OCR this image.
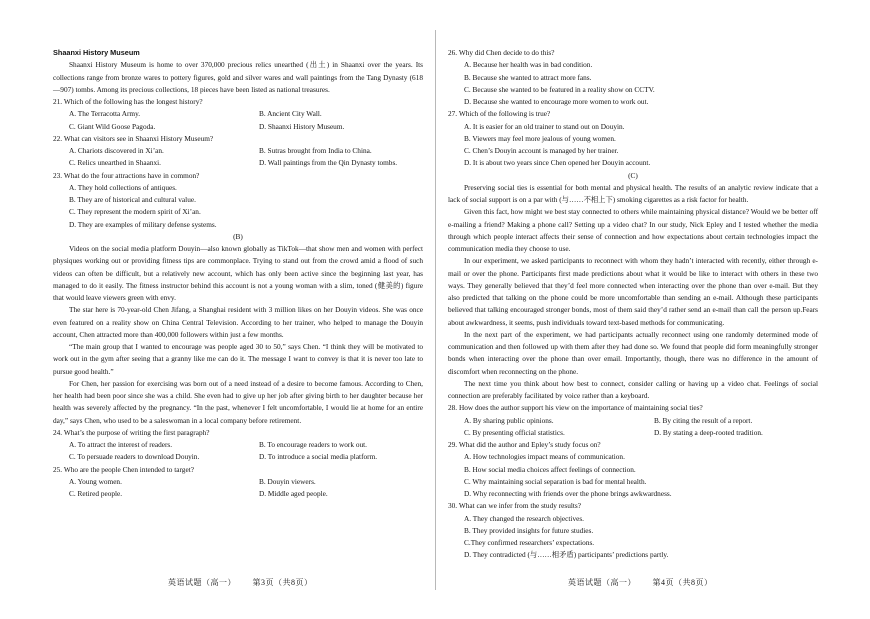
Shaanxi History Museum

Shaanxi History Museum is home to over 370,000 precious relics unearthed (出土) in Shaanxi over the years. Its collections range from bronze wares to pottery figures, gold and silver wares and wall paintings from the Tang Dynasty (618—907) tombs. Among its precious collections, 18 pieces have been listed as national treasures.

21. Which of the following has the longest history?

A. The Terracotta Army.	B. Ancient City Wall.
C. Giant Wild Goose Pagoda.	D. Shaanxi History Museum.

22. What can visitors see in Shaanxi History Museum?

A. Chariots discovered in Xi’an.	B. Sutras brought from India to China.
C. Relics unearthed in Shaanxi.	D. Wall paintings from the Qin Dynasty tombs.

23. What do the four attractions have in common?

A. They hold collections of antiques.

B. They are of historical and cultural value.

C. They represent the modern spirit of Xi’an.

D. They are examples of military defense systems.

(B)

Videos on the social media platform Douyin—also known globally as TikTok—that show men and women with perfect physiques working out or providing fitness tips are commonplace. Trying to stand out from the crowd amid a flood of such videos can often be difficult, but a relatively new account, which has only been active since the beginning last year, has managed to do it easily. The fitness instructor behind this account is not a young woman with a slim, toned (健美的) figure that would leave viewers green with envy.

The star here is 70-year-old Chen Jifang, a Shanghai resident with 3 million likes on her Douyin videos. She was once even featured on a reality show on China Central Television. According to her trainer, who helped to manage the Douyin account, Chen attracted more than 400,000 followers within just a few months.

“The main group that I wanted to encourage was people aged 30 to 50,” says Chen. “I think they will be motivated to work out in the gym after seeing that a granny like me can do it. The message I want to convey is that it is never too late to pursue good health.”

For Chen, her passion for exercising was born out of a need instead of a desire to become famous. According to Chen, her health had been poor since she was a child. She even had to give up her job after giving birth to her daughter because her health was severely affected by the pregnancy. “In the past, whenever I felt uncomfortable, I would lie at home for an entire day,” says Chen, who used to be a saleswoman in a local company before retirement.

24. What’s the purpose of writing the first paragraph?

A. To attract the interest of readers.	B. To encourage readers to work out.
C. To persuade readers to download Douyin.	D. To introduce a social media platform.

25. Who are the people Chen intended to target?

A. Young women.	B. Douyin viewers.
C. Retired people.	D. Middle aged people.

26. Why did Chen decide to do this?

A. Because her health was in bad condition.

B. Because she wanted to attract more fans.

C. Because she wanted to be featured in a reality show on CCTV.

D. Because she wanted to encourage more women to work out.

27. Which of the following is true?

A. It is easier for an old trainer to stand out on Douyin.

B. Viewers may feel more jealous of young women.

C. Chen’s Douyin account is managed by her trainer.

D. It is about two years since Chen opened her Douyin account.

(C)

Preserving social ties is essential for both mental and physical health. The results of an analytic review indicate that a lack of social support is on a par with (与……不相上下) smoking cigarettes as a risk factor for health.

Given this fact, how might we best stay connected to others while maintaining physical distance? Would we be better off e-mailing a friend? Making a phone call? Setting up a video chat? In our study, Nick Epley and I tested whether the media through which people interact affects their sense of connection and how expectations about certain technologies impact the communication media they choose to use.

In our experiment, we asked participants to reconnect with whom they hadn’t interacted with recently, either through e-mail or over the phone. Participants first made predictions about what it would be like to interact with others in these two ways. They generally believed that they’d feel more connected when interacting over the phone than over e-mail. But they also predicted that talking on the phone could be more uncomfortable than sending an e-mail. Although these participants believed that talking encouraged stronger bonds, most of them said they’d rather send an e-mail than call the person up.Fears about awkwardness, it seems, push individuals toward text-based methods for communicating.

In the next part of the experiment, we had participants actually reconnect using one randomly determined mode of communication and then followed up with them after they had done so. We found that people did form meaningfully stronger bonds when interacting over the phone than over email. Importantly, though, there was no difference in the amount of discomfort when reconnecting on the phone.

The next time you think about how best to connect, consider calling or having up a video chat. Feelings of social connection are preferably facilitated by voice rather than a keyboard.

28. How does the author support his view on the importance of maintaining social ties?

A. By sharing public opinions.	B. By citing the result of a report.
C. By presenting official statistics.	D. By stating a deep-rooted tradition.

29. What did the author and Epley’s study focus on?

A. How technologies impact means of communication.

B. How social media choices affect feelings of connection.

C. Why maintaining social separation is bad for mental health.

D. Why reconnecting with friends over the phone brings awkwardness.

30. What can we infer from the study results?

A. They changed the research objectives.

B. They provided insights for future studies.

C.They confirmed researchers’ expectations.

D. They contradicted (与……相矛盾) participants’ predictions partly.

英语试题（高一） 第3页（共8页）	英语试题（高一） 第4页（共8页）
